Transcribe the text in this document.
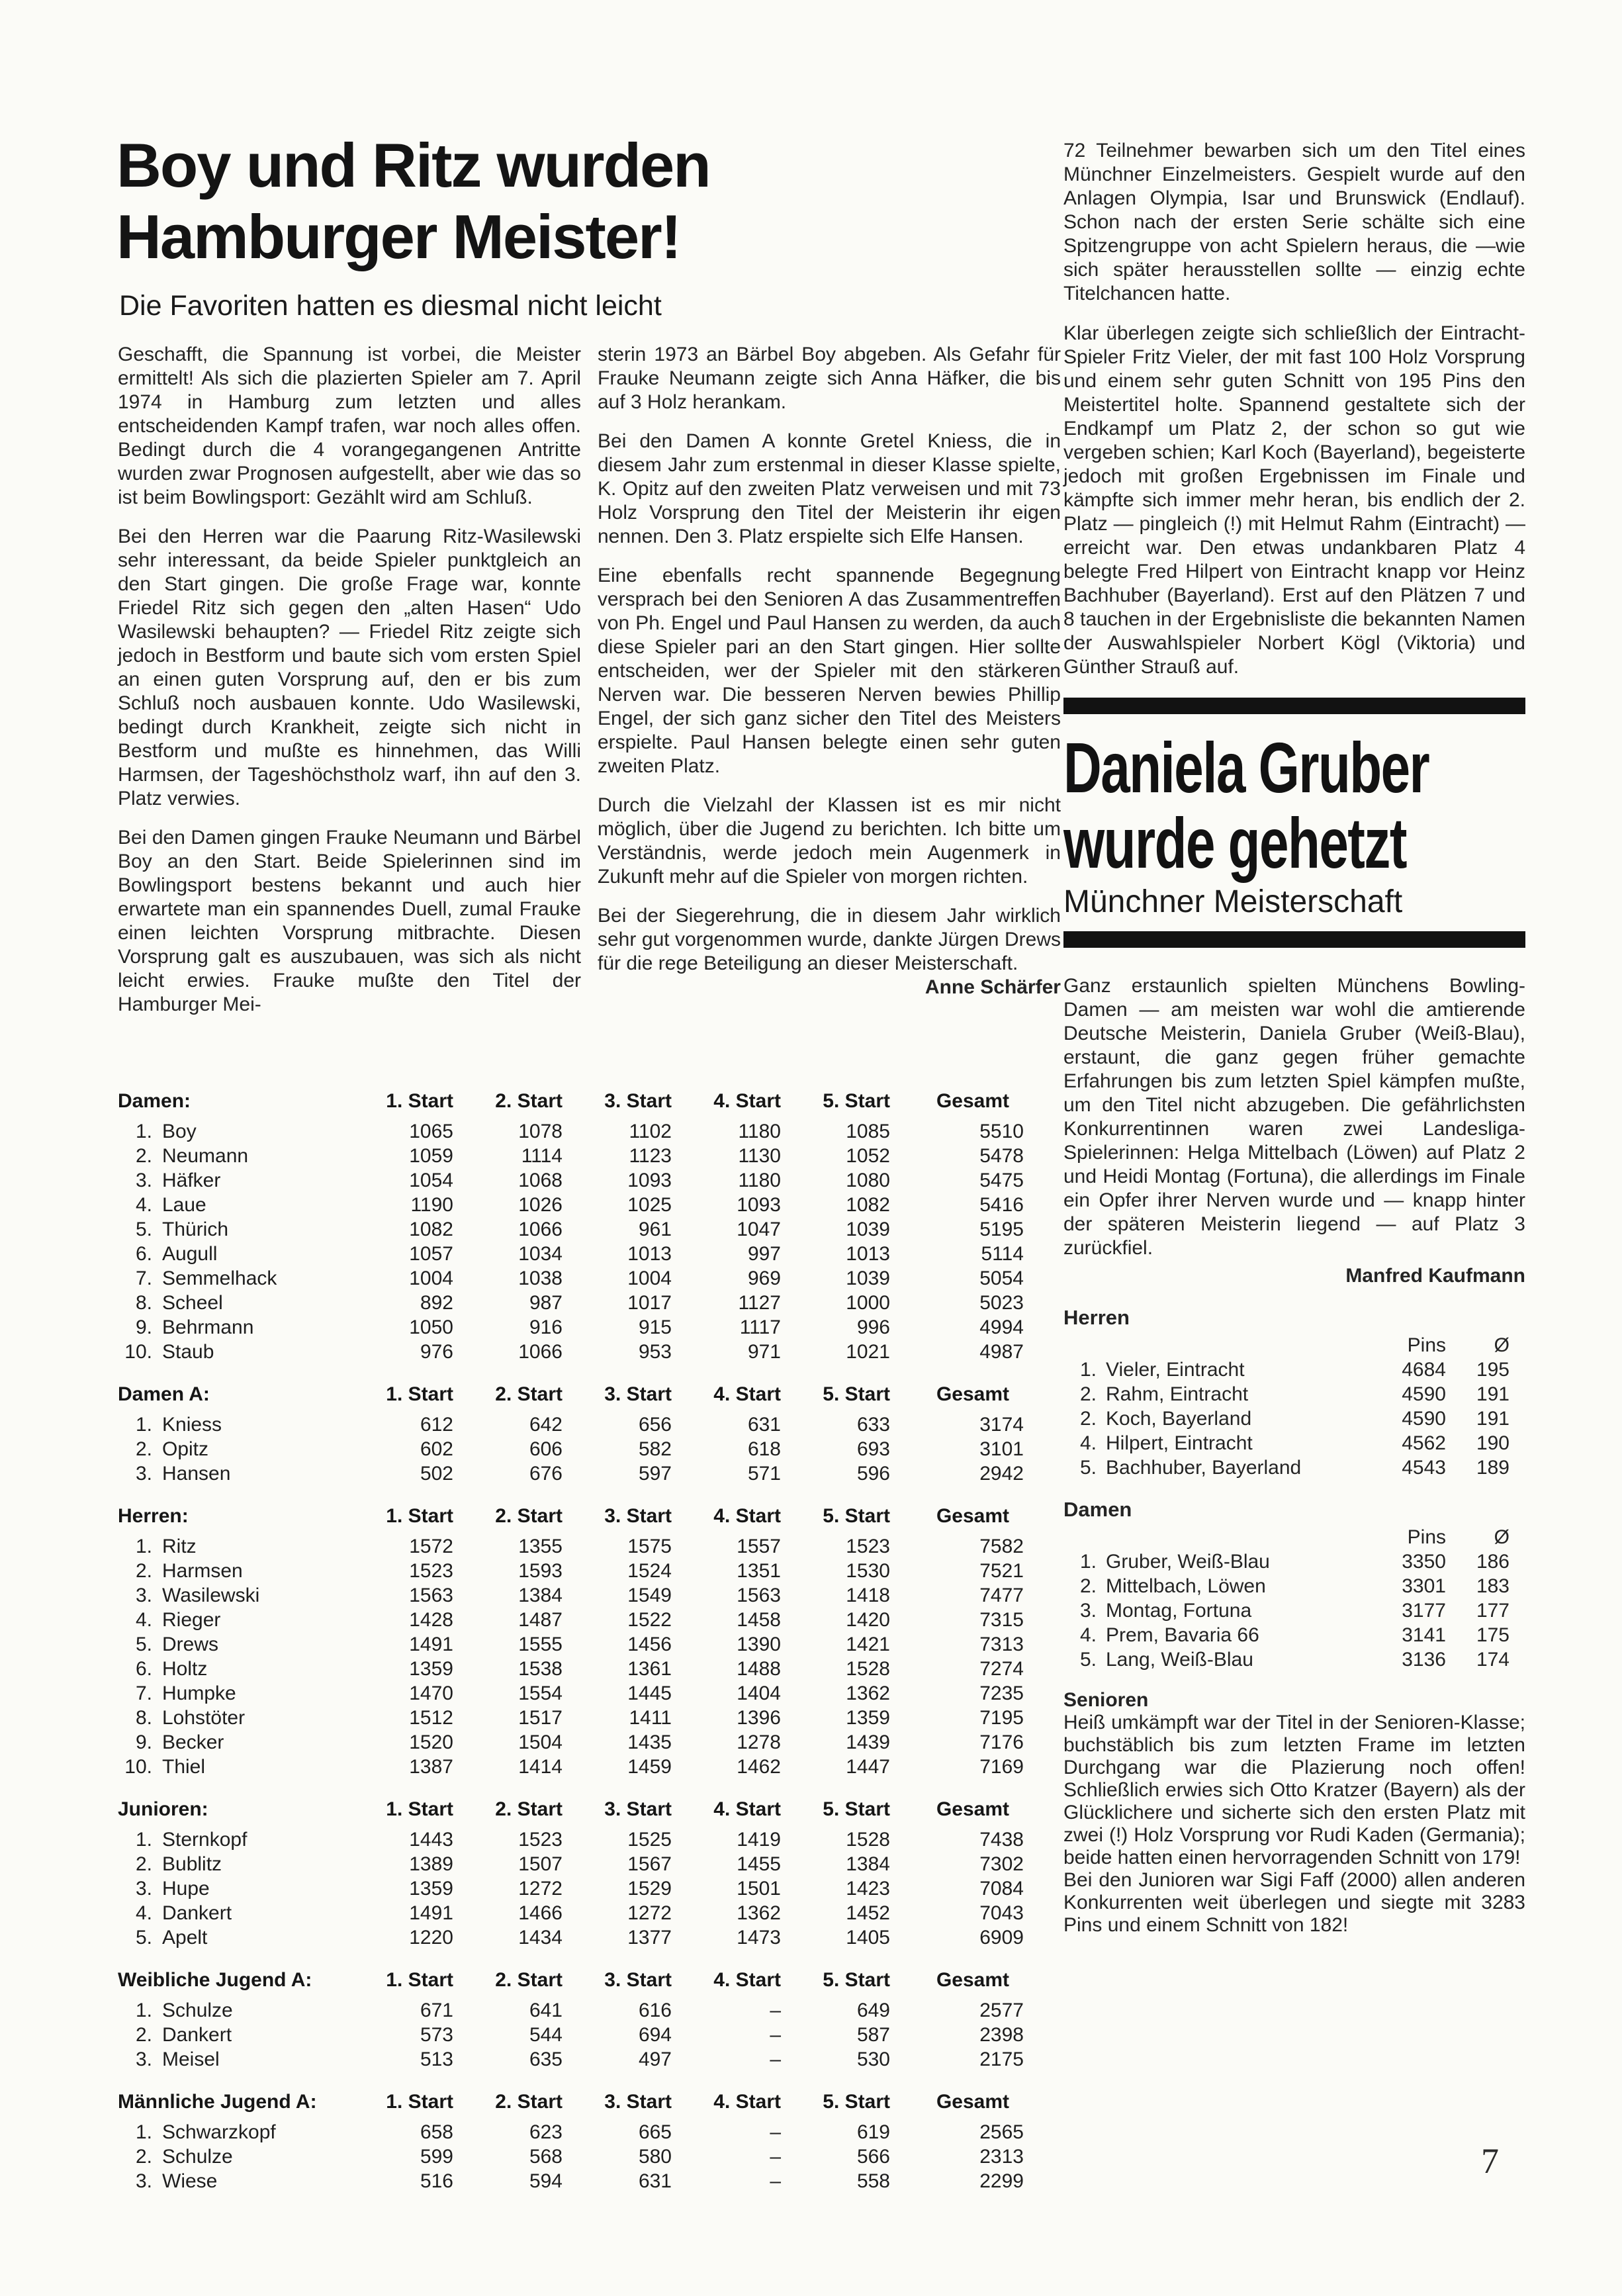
Boy und Ritz wurden
Hamburger Meister!
Die Favoriten hatten es diesmal nicht leicht

Geschafft, die Spannung ist vorbei, die Meister ermittelt! Als sich die plazierten Spieler am 7. April 1974 in Hamburg zum letzten und alles entscheidenden Kampf trafen, war noch alles offen. Bedingt durch die 4 vorangegangenen Antritte wurden zwar Prognosen aufgestellt, aber wie das so ist beim Bowlingsport: Gezählt wird am Schluß.

Bei den Herren war die Paarung Ritz-Wasilewski sehr interessant, da beide Spieler punktgleich an den Start gingen. Die große Frage war, konnte Friedel Ritz sich gegen den „alten Hasen“ Udo Wasilewski behaupten? — Friedel Ritz zeigte sich jedoch in Bestform und baute sich vom ersten Spiel an einen guten Vorsprung auf, den er bis zum Schluß noch ausbauen konnte. Udo Wasilewski, bedingt durch Krankheit, zeigte sich nicht in Bestform und mußte es hinnehmen, das Willi Harmsen, der Tageshöchstholz warf, ihn auf den 3. Platz verwies.

Bei den Damen gingen Frauke Neumann und Bärbel Boy an den Start. Beide Spielerinnen sind im Bowlingsport bestens bekannt und auch hier erwartete man ein spannendes Duell, zumal Frauke einen leichten Vorsprung mitbrachte. Diesen Vorsprung galt es auszubauen, was sich als nicht leicht erwies. Frauke mußte den Titel der Hamburger Mei-

sterin 1973 an Bärbel Boy abgeben. Als Gefahr für Frauke Neumann zeigte sich Anna Häfker, die bis auf 3 Holz herankam.

Bei den Damen A konnte Gretel Kniess, die in diesem Jahr zum erstenmal in dieser Klasse spielte, K. Opitz auf den zweiten Platz verweisen und mit 73 Holz Vorsprung den Titel der Meisterin ihr eigen nennen. Den 3. Platz erspielte sich Elfe Hansen.

Eine ebenfalls recht spannende Begegnung versprach bei den Senioren A das Zusammentreffen von Ph. Engel und Paul Hansen zu werden, da auch diese Spieler pari an den Start gingen. Hier sollte entscheiden, wer der Spieler mit den stärkeren Nerven war. Die besseren Nerven bewies Phillip Engel, der sich ganz sicher den Titel des Meisters erspielte. Paul Hansen belegte einen sehr guten zweiten Platz.

Durch die Vielzahl der Klassen ist es mir nicht möglich, über die Jugend zu berichten. Ich bitte um Verständnis, werde jedoch mein Augenmerk in Zukunft mehr auf die Spieler von morgen richten.

Bei der Siegerehrung, die in diesem Jahr wirklich sehr gut vorgenommen wurde, dankte Jürgen Drews für die rege Beteiligung an dieser Meisterschaft.
Anne Schärfer

Damen:	1. Start	2. Start	3. Start	4. Start	5. Start	Gesamt
1. Boy	1065	1078	1102	1180	1085	5510
2. Neumann	1059	1114	1123	1130	1052	5478
3. Häfker	1054	1068	1093	1180	1080	5475
4. Laue	1190	1026	1025	1093	1082	5416
5. Thürich	1082	1066	961	1047	1039	5195
6. Augull	1057	1034	1013	997	1013	5114
7. Semmelhack	1004	1038	1004	969	1039	5054
8. Scheel	892	987	1017	1127	1000	5023
9. Behrmann	1050	916	915	1117	996	4994
10. Staub	976	1066	953	971	1021	4987
Damen A:	1. Start	2. Start	3. Start	4. Start	5. Start	Gesamt
1. Kniess	612	642	656	631	633	3174
2. Opitz	602	606	582	618	693	3101
3. Hansen	502	676	597	571	596	2942
Herren:	1. Start	2. Start	3. Start	4. Start	5. Start	Gesamt
1. Ritz	1572	1355	1575	1557	1523	7582
2. Harmsen	1523	1593	1524	1351	1530	7521
3. Wasilewski	1563	1384	1549	1563	1418	7477
4. Rieger	1428	1487	1522	1458	1420	7315
5. Drews	1491	1555	1456	1390	1421	7313
6. Holtz	1359	1538	1361	1488	1528	7274
7. Humpke	1470	1554	1445	1404	1362	7235
8. Lohstöter	1512	1517	1411	1396	1359	7195
9. Becker	1520	1504	1435	1278	1439	7176
10. Thiel	1387	1414	1459	1462	1447	7169
Junioren:	1. Start	2. Start	3. Start	4. Start	5. Start	Gesamt
1. Sternkopf	1443	1523	1525	1419	1528	7438
2. Bublitz	1389	1507	1567	1455	1384	7302
3. Hupe	1359	1272	1529	1501	1423	7084
4. Dankert	1491	1466	1272	1362	1452	7043
5. Apelt	1220	1434	1377	1473	1405	6909
Weibliche Jugend A:	1. Start	2. Start	3. Start	4. Start	5. Start	Gesamt
1. Schulze	671	641	616	–	649	2577
2. Dankert	573	544	694	–	587	2398
3. Meisel	513	635	497	–	530	2175
Männliche Jugend A:	1. Start	2. Start	3. Start	4. Start	5. Start	Gesamt
1. Schwarzkopf	658	623	665	–	619	2565
2. Schulze	599	568	580	–	566	2313
3. Wiese	516	594	631	–	558	2299

72 Teilnehmer bewarben sich um den Titel eines Münchner Einzelmeisters. Gespielt wurde auf den Anlagen Olympia, Isar und Brunswick (Endlauf). Schon nach der ersten Serie schälte sich eine Spitzengruppe von acht Spielern heraus, die —wie sich später herausstellen sollte — einzig echte Titelchancen hatte.

Klar überlegen zeigte sich schließlich der Eintracht-Spieler Fritz Vieler, der mit fast 100 Holz Vorsprung und einem sehr guten Schnitt von 195 Pins den Meistertitel holte. Spannend gestaltete sich der Endkampf um Platz 2, der schon so gut wie vergeben schien; Karl Koch (Bayerland), begeisterte jedoch mit großen Ergebnissen im Finale und kämpfte sich immer mehr heran, bis endlich der 2. Platz — pingleich (!) mit Helmut Rahm (Eintracht) — erreicht war. Den etwas undankbaren Platz 4 belegte Fred Hilpert von Eintracht knapp vor Heinz Bachhuber (Bayerland). Erst auf den Plätzen 7 und 8 tauchen in der Ergebnisliste die bekannten Namen der Auswahlspieler Norbert Kögl (Viktoria) und Günther Strauß auf.

Daniela Gruber
wurde gehetzt
Münchner Meisterschaft

Ganz erstaunlich spielten Münchens Bowling-Damen — am meisten war wohl die amtierende Deutsche Meisterin, Daniela Gruber (Weiß-Blau), erstaunt, die ganz gegen früher gemachte Erfahrungen bis zum letzten Spiel kämpfen mußte, um den Titel nicht abzugeben. Die gefährlichsten Konkurrentinnen waren zwei Landesliga-Spielerinnen: Helga Mittelbach (Löwen) auf Platz 2 und Heidi Montag (Fortuna), die allerdings im Finale ein Opfer ihrer Nerven wurde und — knapp hinter der späteren Meisterin liegend — auf Platz 3 zurückfiel.

Manfred Kaufmann
Herren
Pins	Ø
1. Vieler, Eintracht	4684	195
2. Rahm, Eintracht	4590	191
2. Koch, Bayerland	4590	191
4. Hilpert, Eintracht	4562	190
5. Bachhuber, Bayerland	4543	189
Damen
Pins	Ø
1. Gruber, Weiß-Blau	3350	186
2. Mittelbach, Löwen	3301	183
3. Montag, Fortuna	3177	177
4. Prem, Bavaria 66	3141	175
5. Lang, Weiß-Blau	3136	174
Senioren

Heiß umkämpft war der Titel in der Senioren-Klasse; buchstäblich bis zum letzten Frame im letzten Durchgang war die Plazierung noch offen! Schließlich erwies sich Otto Kratzer (Bayern) als der Glücklichere und sicherte sich den ersten Platz mit zwei (!) Holz Vorsprung vor Rudi Kaden (Germania); beide hatten einen hervorragenden Schnitt von 179!

Bei den Junioren war Sigi Faff (2000) allen anderen Konkurrenten weit überlegen und siegte mit 3283 Pins und einem Schnitt von 182!

7
